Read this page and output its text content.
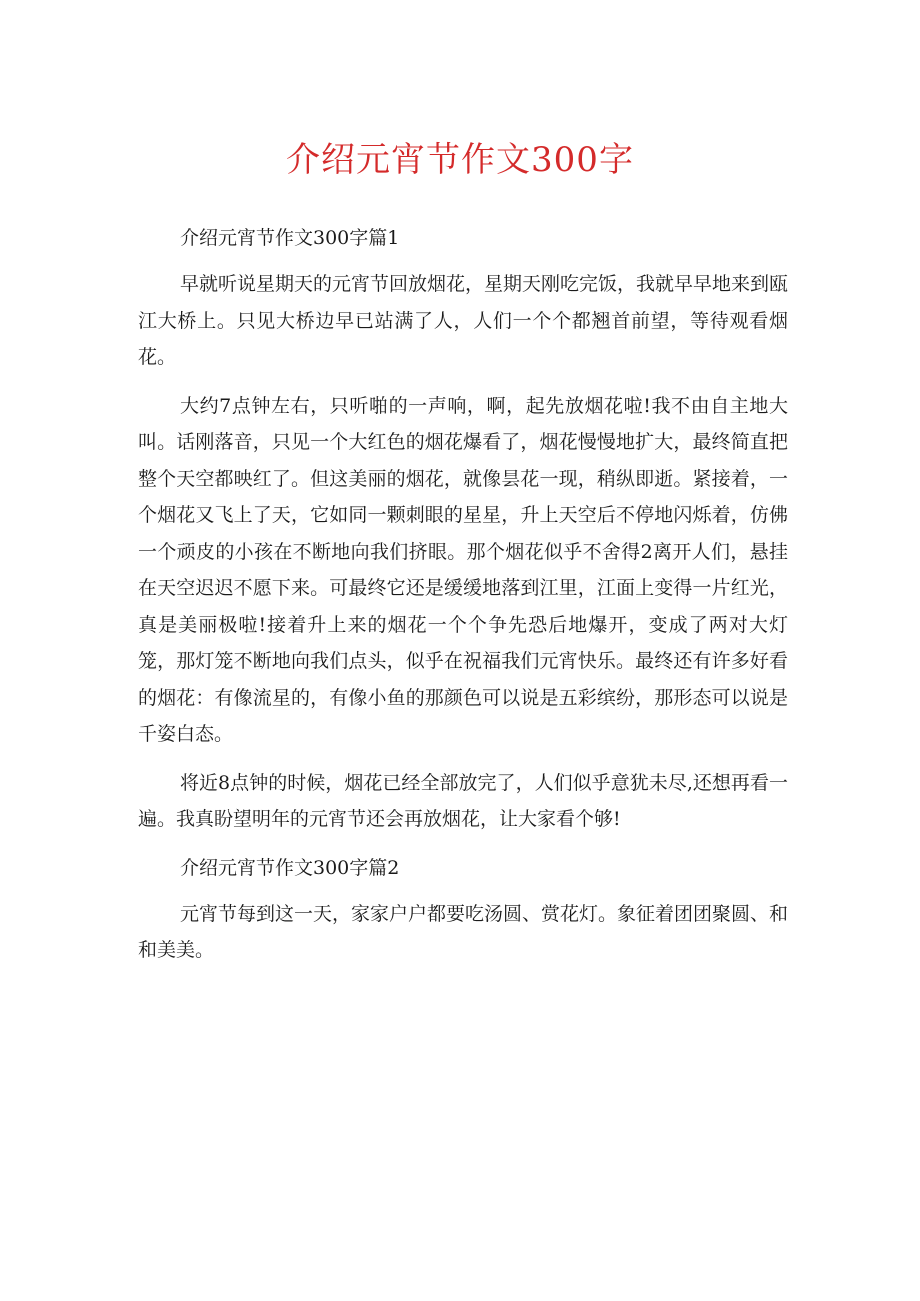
介绍元宵节作文300字

介绍元宵节作文300字篇1

早就听说星期天的元宵节回放烟花，星期天刚吃完饭，我就早早地来到瓯江大桥上。只见大桥边早已站满了人，人们一个个都翘首前望，等待观看烟花。

大约7点钟左右，只听啪的一声响，啊，起先放烟花啦!我不由自主地大叫。话刚落音，只见一个大红色的烟花爆看了，烟花慢慢地扩大，最终简直把整个天空都映红了。但这美丽的烟花，就像昙花一现，稍纵即逝。紧接着，一个烟花又飞上了天，它如同一颗刺眼的星星，升上天空后不停地闪烁着，仿佛一个顽皮的小孩在不断地向我们挤眼。那个烟花似乎不舍得2离开人们，悬挂在天空迟迟不愿下来。可最终它还是缓缓地落到江里，江面上变得一片红光，真是美丽极啦!接着升上来的烟花一个个争先恐后地爆开，变成了两对大灯笼，那灯笼不断地向我们点头，似乎在祝福我们元宵快乐。最终还有许多好看的烟花：有像流星的，有像小鱼的那颜色可以说是五彩缤纷，那形态可以说是千姿白态。

将近8点钟的时候，烟花已经全部放完了，人们似乎意犹未尽,还想再看一遍。我真盼望明年的元宵节还会再放烟花，让大家看个够!

介绍元宵节作文300字篇2

元宵节每到这一天，家家户户都要吃汤圆、赏花灯。象征着团团聚圆、和和美美。
